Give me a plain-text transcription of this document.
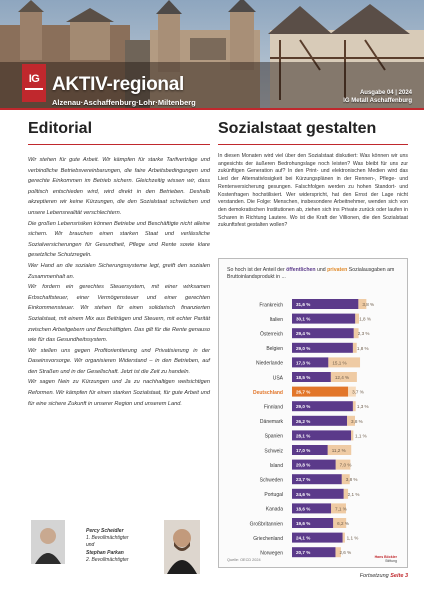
IG AKTIV-regional
Alzenau·Aschaffenburg·Lohr·Miltenberg
Ausgabe 04 | 2024
IG Metall Aschaffenburg
Editorial

Wir stehen für gute Arbeit. Wir kämpfen für starke Tarifverträge und verbindliche Betriebsvereinbarungen, die faire Arbeitsbedingungen und gerechte Einkommen im Betrieb sichern. Gleichzeitig wissen wir, dass politisch entschieden wird, wird direkt in den Betrieben. Deshalb akzeptieren wir keine Kürzungen, die den Sozialstaat schwächen und unsere Lebensrealität verschlechtern.

Die großen Lebensrisiken können Betriebe und Beschäftigte nicht alleine sichern. Wir brauchen einen starken Staat und verlässliche Sozialversicherungen für Gesundheit, Pflege und Rente sowie klare gesetzliche Schutzregeln.

Wer Hand an die sozialen Sicherungssysteme legt, greift den sozialen Zusammenhalt an.

Wir fordern ein gerechtes Steuersystem, mit einer wirksamen Erbschaftsteuer, einer Vermögensteuer und einer gerechten Einkommensteuer. Wir stehen für einen solidarisch finanzierten Sozialstaat, mit einem Mix aus Beiträgen und Steuern, mit echter Parität zwischen Arbeitgebern und Beschäftigten. Das gilt für die Rente genauso wie für das Gesundheitssystem.

Wir stellen uns gegen Profitorientierung und Privatisierung in der Daseinsvorsorge. Wir organisieren Widerstand – in den Betrieben, auf den Straßen und in der Gesellschaft. Jetzt ist die Zeit zu handeln.

Wir sagen Nein zu Kürzungen und Ja zu nachhaltigen weitsichtigen Reformen. Wir kämpfen für einen starken Sozialstaat, für gute Arbeit und für eine sichere Zukunft in unserer Region und unserem Land.

Percy Scheidler
1. Bevollmächtigter
und
Stephan Parkan
2. Bevollmächtigter
Sozialstaat gestalten
In diesen Monaten wird viel über den Sozialstaat diskutiert: Was können wir uns angesichts der äußeren Bedrohungslage noch leisten? Was bleibt für uns zur zukünftigen Generation auf? In den Print- und elektronischen Medien wird das Lied der Alternativlosigkeit bei Kürzungsplänen in der Rennen-, Pflege- und Rentenversicherung gesungen. Falschfolgen werden zu hohen Standort- und Kostenfragen hochstilisiert. Wer widerspricht, hat den Ernst der Lage nicht verstanden. Die Folge: Menschen, insbesondere Arbeitnehmer, wenden sich von den demokratischen Institutionen ab, ziehen sich ins Private zurück oder laufen in Scharen in Richtung Lautere. Wo ist die Kraft der Villionen, die den Sozialstaat zukunftsfest gestalten wollen?
So hoch ist der Anteil der öffentlichen und privaten Sozialausgaben am Bruttoinlandsprodukt in ...
Frankreich	31,6 %	3,8 %
Italien	30,1 %	1,8 %
Österreich	29,4 %	2,3 %
Belgien	29,0 %	1,8 %
Niederlande	17,3 %	15,1 %
USA	18,5 %	12,4 %
Deutschland	26,7 %	3,7 %
Finnland	29,0 %	1,3 %
Dänemark	26,2 %	3,8 %
Spanien	28,1 %	1,1 %
Schweiz	17,0 %	11,2 %
Island	20,8 %	7,0 %
Schweden	23,7 %	3,8 %
Portugal	24,6 %	2,1 %
Kanada	18,6 %	7,1 %
Großbritannien	19,6 %	6,2 %
Griechenland	24,1 %	1,1 %
Norwegen	20,7 %	2,6 %
Quelle: OECD 2024
Hans Böckler
Stiftung
Fortsetzung Seite 3
